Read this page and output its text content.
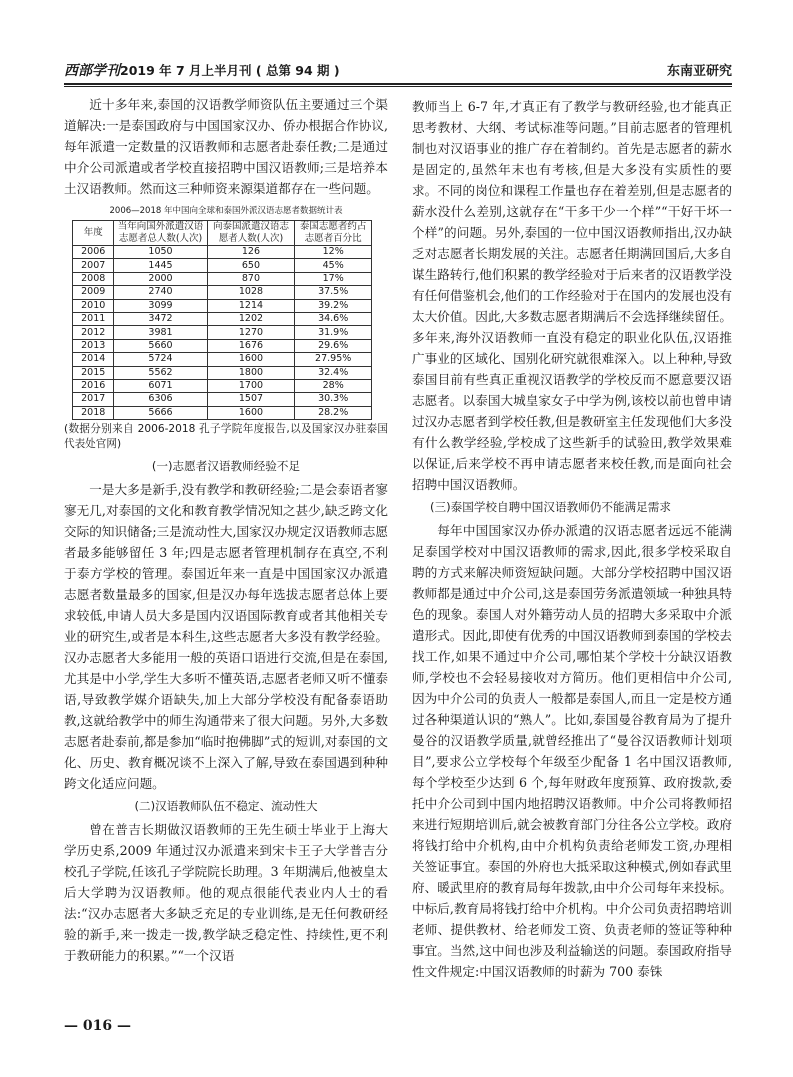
西部学刊2019 年 7 月上半月刊 ( 总第 94 期 )	东南亚研究

近十多年来,泰国的汉语教学师资队伍主要通过三个渠道解决:一是泰国政府与中国国家汉办、侨办根据合作协议,每年派遣一定数量的汉语教师和志愿者赴泰任教;二是通过中介公司派遣或者学校直接招聘中国汉语教师;三是培养本土汉语教师。然而这三种师资来源渠道都存在一些问题。

2006—2018 年中国向全球和泰国外派汉语志愿者数据统计表
年度	当年向国外派遣汉语志愿者总人数(人次)	向泰国派遣汉语志愿者人数(人次)	泰国志愿者约占志愿者百分比
2006	1050	126	12%
2007	1445	650	45%
2008	2000	870	17%
2009	2740	1028	37.5%
2010	3099	1214	39.2%
2011	3472	1202	34.6%
2012	3981	1270	31.9%
2013	5660	1676	29.6%
2014	5724	1600	27.95%
2015	5562	1800	32.4%
2016	6071	1700	28%
2017	6306	1507	30.3%
2018	5666	1600	28.2%

(数据分别来自 2006-2018 孔子学院年度报告,以及国家汉办驻泰国代表处官网)

(一)志愿者汉语教师经验不足

一是大多是新手,没有教学和教研经验;二是会泰语者寥寥无几,对泰国的文化和教育教学情况知之甚少,缺乏跨文化交际的知识储备;三是流动性大,国家汉办规定汉语教师志愿者最多能够留任 3 年;四是志愿者管理机制存在真空,不利于泰方学校的管理。泰国近年来一直是中国国家汉办派遣志愿者数量最多的国家,但是汉办每年选拔志愿者总体上要求较低,申请人员大多是国内汉语国际教育或者其他相关专业的研究生,或者是本科生,这些志愿者大多没有教学经验。汉办志愿者大多能用一般的英语口语进行交流,但是在泰国,尤其是中小学,学生大多听不懂英语,志愿者老师又听不懂泰语,导致教学媒介语缺失,加上大部分学校没有配备泰语助教,这就给教学中的师生沟通带来了很大问题。另外,大多数志愿者赴泰前,都是参加“临时抱佛脚”式的短训,对泰国的文化、历史、教育概况谈不上深入了解,导致在泰国遇到种种跨文化适应问题。

(二)汉语教师队伍不稳定、流动性大

曾在普吉长期做汉语教师的王先生硕士毕业于上海大学历史系,2009 年通过汉办派遣来到宋卡王子大学普吉分校孔子学院,任该孔子学院院长助理。3 年期满后,他被皇太后大学聘为汉语教师。他的观点很能代表业内人士的看法:“汉办志愿者大多缺乏充足的专业训练,是无任何教研经验的新手,来一拨走一拨,教学缺乏稳定性、持续性,更不利于教研能力的积累。”“一个汉语

教师当上 6-7 年,才真正有了教学与教研经验,也才能真正思考教材、大纲、考试标准等问题。”目前志愿者的管理机制也对汉语事业的推广存在着制约。首先是志愿者的薪水是固定的,虽然年末也有考核,但是大多没有实质性的要求。不同的岗位和课程工作量也存在着差别,但是志愿者的薪水没什么差别,这就存在“干多干少一个样”“干好干坏一个样”的问题。另外,泰国的一位中国汉语教师指出,汉办缺乏对志愿者长期发展的关注。志愿者任期满回国后,大多自谋生路转行,他们积累的教学经验对于后来者的汉语教学没有任何借鉴机会,他们的工作经验对于在国内的发展也没有太大价值。因此,大多数志愿者期满后不会选择继续留任。多年来,海外汉语教师一直没有稳定的职业化队伍,汉语推广事业的区域化、国别化研究就很难深入。以上种种,导致泰国目前有些真正重视汉语教学的学校反而不愿意要汉语志愿者。以泰国大城皇家女子中学为例,该校以前也曾申请过汉办志愿者到学校任教,但是教研室主任发现他们大多没有什么教学经验,学校成了这些新手的试验田,教学效果难以保证,后来学校不再申请志愿者来校任教,而是面向社会招聘中国汉语教师。

(三)泰国学校自聘中国汉语教师仍不能满足需求

每年中国国家汉办侨办派遣的汉语志愿者远远不能满足泰国学校对中国汉语教师的需求,因此,很多学校采取自聘的方式来解决师资短缺问题。大部分学校招聘中国汉语教师都是通过中介公司,这是泰国劳务派遣领域一种独具特色的现象。泰国人对外籍劳动人员的招聘大多采取中介派遣形式。因此,即使有优秀的中国汉语教师到泰国的学校去找工作,如果不通过中介公司,哪怕某个学校十分缺汉语教师,学校也不会轻易接收对方简历。他们更相信中介公司,因为中介公司的负责人一般都是泰国人,而且一定是校方通过各种渠道认识的“熟人”。比如,泰国曼谷教育局为了提升曼谷的汉语教学质量,就曾经推出了“曼谷汉语教师计划项目”,要求公立学校每个年级至少配备 1 名中国汉语教师,每个学校至少达到 6 个,每年财政年度预算、政府拨款,委托中介公司到中国内地招聘汉语教师。中介公司将教师招来进行短期培训后,就会被教育部门分往各公立学校。政府将钱打给中介机构,由中介机构负责给老师发工资,办理相关签证事宜。泰国的外府也大抵采取这种模式,例如春武里府、暖武里府的教育局每年拨款,由中介公司每年来投标。中标后,教育局将钱打给中介机构。中介公司负责招聘培训老师、提供教材、给老师发工资、负责老师的签证等种种事宜。当然,这中间也涉及利益输送的问题。泰国政府指导性文件规定:中国汉语教师的时薪为 700 泰铢

— 016 —
